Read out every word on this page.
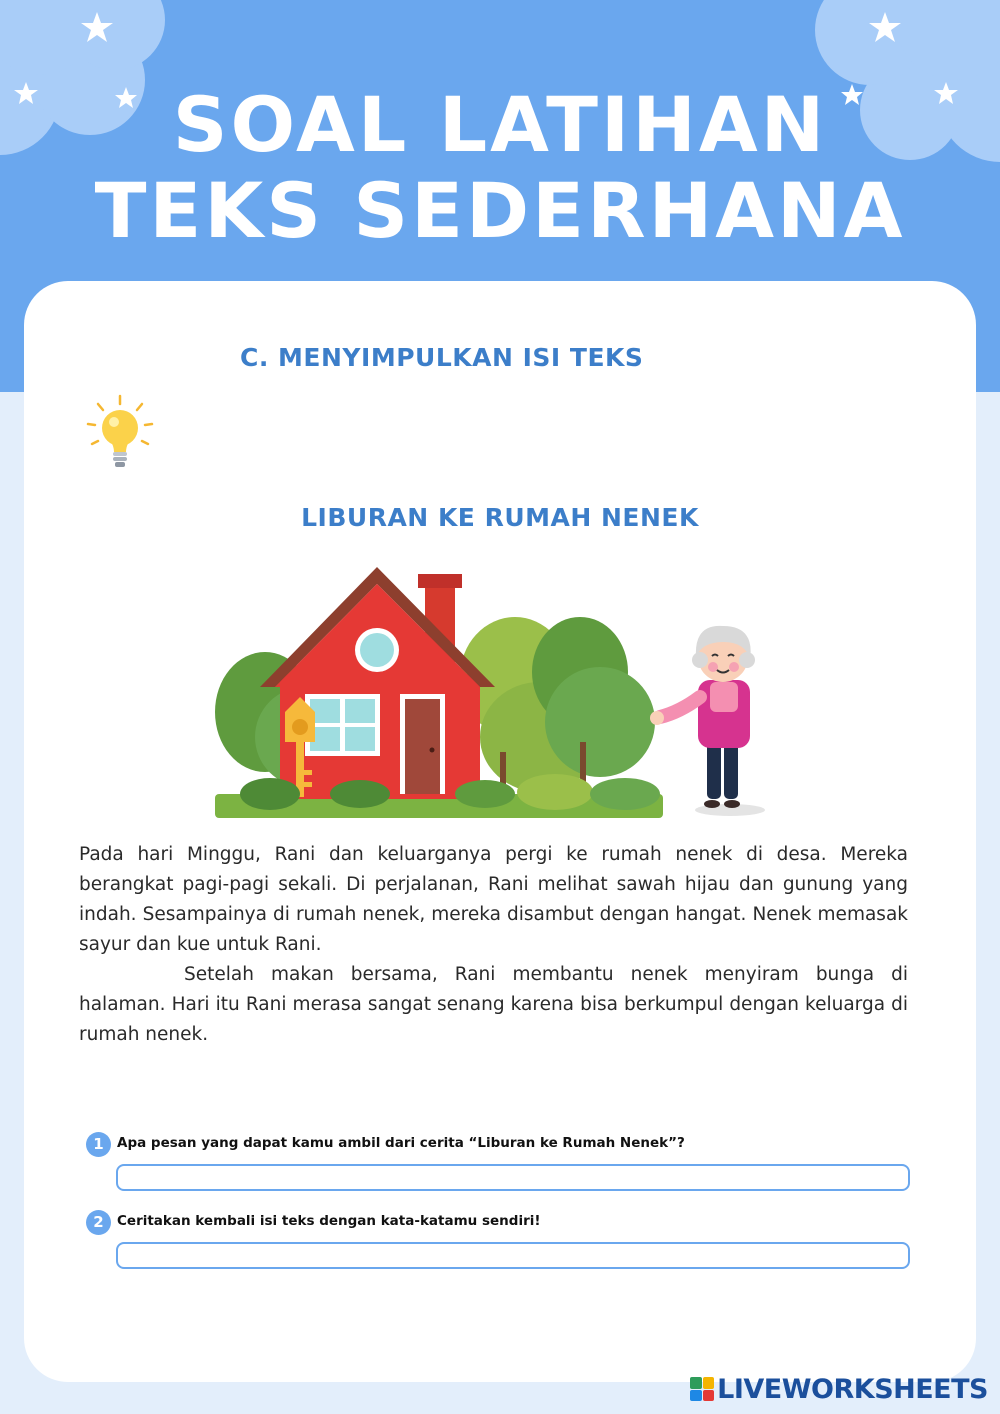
SOAL LATIHAN
TEKS SEDERHANA
C. MENYIMPULKAN ISI TEKS
LIBURAN KE RUMAH NENEK

Pada hari Minggu, Rani dan keluarganya pergi ke rumah nenek di desa. Mereka berangkat pagi-pagi sekali. Di perjalanan, Rani melihat sawah hijau dan gunung yang indah. Sesampainya di rumah nenek, mereka disambut dengan hangat. Nenek memasak sayur dan kue untuk Rani.

Setelah makan bersama, Rani membantu nenek menyiram bunga di halaman. Hari itu Rani merasa sangat senang karena bisa berkumpul dengan keluarga di rumah nenek.

1 Apa pesan yang dapat kamu ambil dari cerita “Liburan ke Rumah Nenek”?
2 Ceritakan kembali isi teks dengan kata-katamu sendiri!
LIVEWORKSHEETS
